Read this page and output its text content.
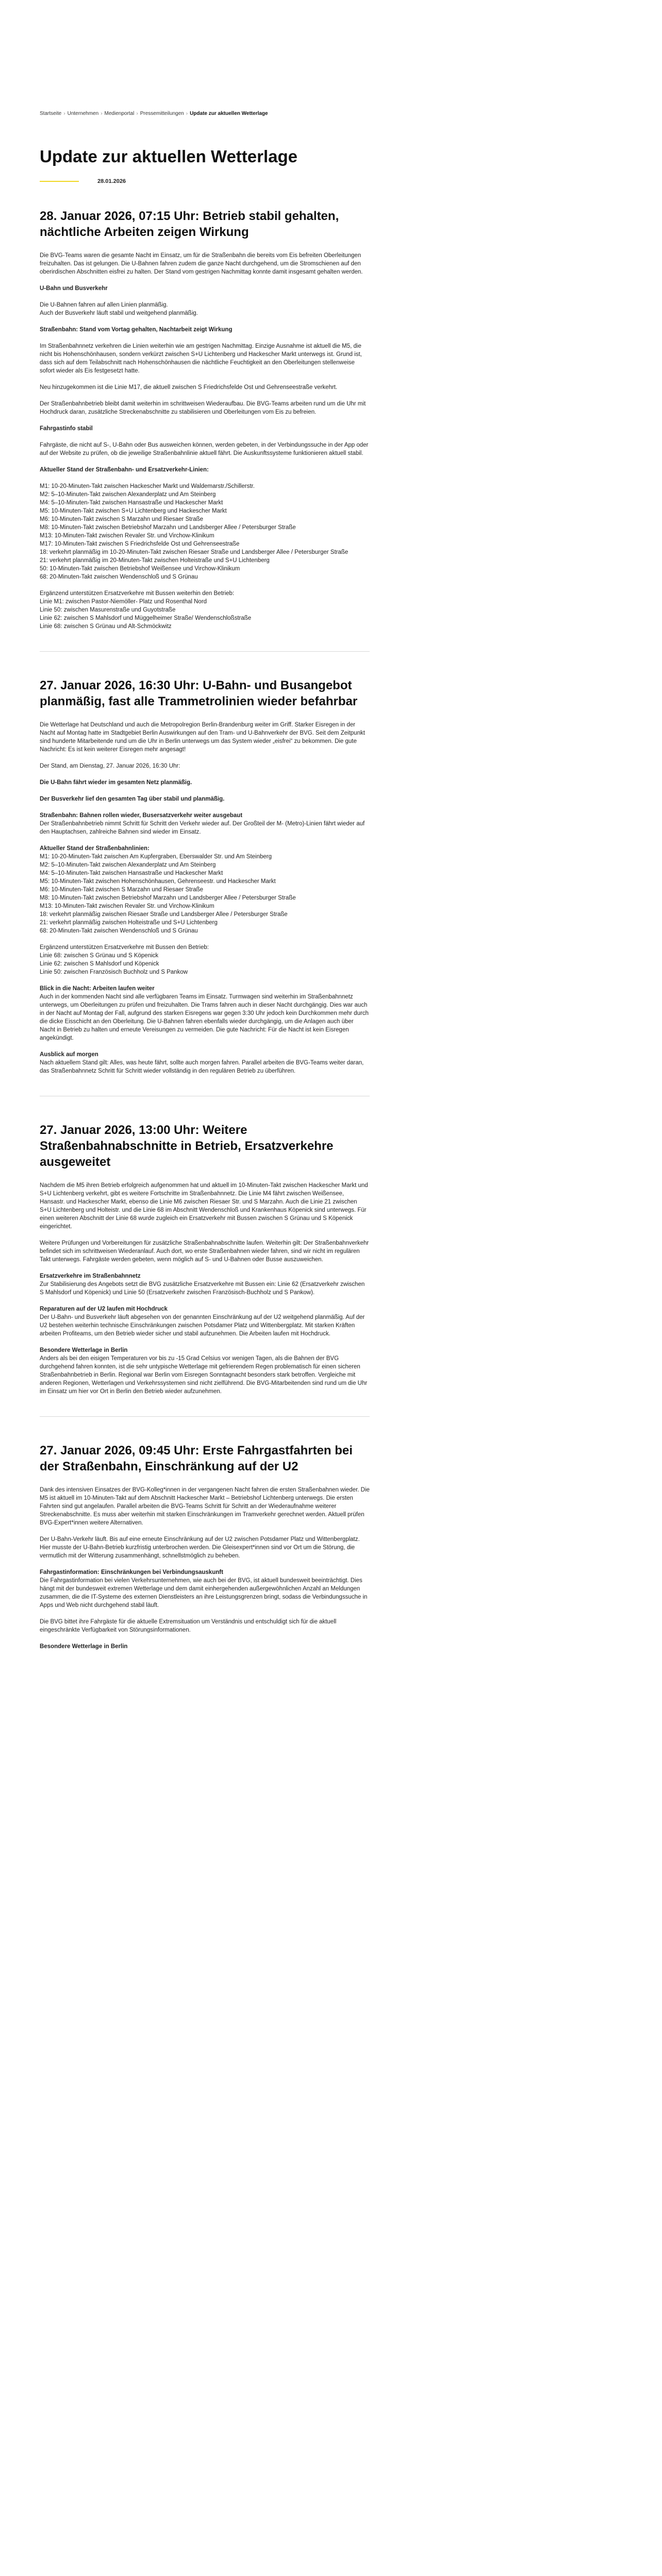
Startseite › Unternehmen › Medienportal › Pressemitteilungen › Update zur aktuellen Wetterlage
Update zur aktuellen Wetterlage
28.01.2026
28. Januar 2026, 07:15 Uhr: Betrieb stabil gehalten, nächtliche Arbeiten zeigen Wirkung

Die BVG-Teams waren die gesamte Nacht im Einsatz, um für die Straßenbahn die bereits vom Eis befreiten Oberleitungen freizuhalten. Das ist gelungen. Die U-Bahnen fahren zudem die ganze Nacht durchgehend, um die Stromschienen auf den oberirdischen Abschnitten eisfrei zu halten. Der Stand vom gestrigen Nachmittag konnte damit insgesamt gehalten werden.

U-Bahn und Busverkehr

Die U-Bahnen fahren auf allen Linien planmäßig.
Auch der Busverkehr läuft stabil und weitgehend planmäßig.

Straßenbahn: Stand vom Vortag gehalten, Nachtarbeit zeigt Wirkung

Im Straßenbahnnetz verkehren die Linien weiterhin wie am gestrigen Nachmittag. Einzige Ausnahme ist aktuell die M5, die nicht bis Hohenschönhausen, sondern verkürzt zwischen S+U Lichtenberg und Hackescher Markt unterwegs ist. Grund ist, dass sich auf dem Teilabschnitt nach Hohenschönhausen die nächtliche Feuchtigkeit an den Oberleitungen stellenweise sofort wieder als Eis festgesetzt hatte.

Neu hinzugekommen ist die Linie M17, die aktuell zwischen S Friedrichsfelde Ost und Gehrenseestraße verkehrt.

Der Straßenbahnbetrieb bleibt damit weiterhin im schrittweisen Wiederaufbau. Die BVG-Teams arbeiten rund um die Uhr mit Hochdruck daran, zusätzliche Streckenabschnitte zu stabilisieren und Oberleitungen vom Eis zu befreien.

Fahrgastinfo stabil

Fahrgäste, die nicht auf S-, U-Bahn oder Bus ausweichen können, werden gebeten, in der Verbindungssuche in der App oder auf der Website zu prüfen, ob die jeweilige Straßenbahnlinie aktuell fährt. Die Auskunftssysteme funktionieren aktuell stabil.

Aktueller Stand der Straßenbahn- und Ersatzverkehr-Linien:

M1: 10-20-Minuten-Takt zwischen Hackescher Markt und Waldemarstr./Schillerstr.
M2: 5–10-Minuten-Takt zwischen Alexanderplatz und Am Steinberg
M4: 5–10-Minuten-Takt zwischen Hansastraße und Hackescher Markt
M5: 10-Minuten-Takt zwischen S+U Lichtenberg und Hackescher Markt
M6: 10-Minuten-Takt zwischen S Marzahn und Riesaer Straße
M8: 10-Minuten-Takt zwischen Betriebshof Marzahn und Landsberger Allee / Petersburger Straße
M13: 10-Minuten-Takt zwischen Revaler Str. und Virchow-Klinikum
M17: 10-Minuten-Takt zwischen S Friedrichsfelde Ost und Gehrenseestraße
18: verkehrt planmäßig im 10-20-Minuten-Takt zwischen Riesaer Straße und Landsberger Allee / Petersburger Straße
21: verkehrt planmäßig im 20-Minuten-Takt zwischen Holteistraße und S+U Lichtenberg
50: 10-Minuten-Takt zwischen Betriebshof Weißensee und Virchow-Klinikum
68: 20-Minuten-Takt zwischen Wendenschloß und S Grünau

Ergänzend unterstützen Ersatzverkehre mit Bussen weiterhin den Betrieb:
Linie M1: zwischen Pastor-Niemöller- Platz und Rosenthal Nord
Linie 50: zwischen Masurenstraße und Guyotstraße
Linie 62: zwischen S Mahlsdorf und Müggelheimer Straße/ Wendenschloßstraße
Linie 68: zwischen S Grünau und Alt-Schmöckwitz

27. Januar 2026, 16:30 Uhr: U-Bahn- und Busangebot planmäßig, fast alle Trammetrolinien wieder befahrbar

Die Wetterlage hat Deutschland und auch die Metropolregion Berlin-Brandenburg weiter im Griff. Starker Eisregen in der Nacht auf Montag hatte im Stadtgebiet Berlin Auswirkungen auf den Tram- und U-Bahnverkehr der BVG. Seit dem Zeitpunkt sind hunderte Mitarbeitende rund um die Uhr in Berlin unterwegs um das System wieder „eisfrei“ zu bekommen. Die gute Nachricht: Es ist kein weiterer Eisregen mehr angesagt!

Der Stand, am Dienstag, 27. Januar 2026, 16:30 Uhr:

Die U-Bahn fährt wieder im gesamten Netz planmäßig.

Der Busverkehr lief den gesamten Tag über stabil und planmäßig.

Straßenbahn: Bahnen rollen wieder, Busersatzverkehr weiter ausgebaut
Der Straßenbahnbetrieb nimmt Schritt für Schritt den Verkehr wieder auf. Der Großteil der M- (Metro)-Linien fährt wieder auf den Hauptachsen, zahlreiche Bahnen sind wieder im Einsatz.

Aktueller Stand der Straßenbahnlinien:
M1: 10-20-Minuten-Takt zwischen Am Kupfergraben, Eberswalder Str. und Am Steinberg
M2: 5–10-Minuten-Takt zwischen Alexanderplatz und Am Steinberg
M4: 5–10-Minuten-Takt zwischen Hansastraße und Hackescher Markt
M5: 10-Minuten-Takt zwischen Hohenschönhausen, Gehrenseestr. und Hackescher Markt
M6: 10-Minuten-Takt zwischen S Marzahn und Riesaer Straße
M8: 10-Minuten-Takt zwischen Betriebshof Marzahn und Landsberger Allee / Petersburger Straße
M13: 10-Minuten-Takt zwischen Revaler Str. und Virchow-Klinikum
18: verkehrt planmäßig zwischen Riesaer Straße und Landsberger Allee / Petersburger Straße
21: verkehrt planmäßig zwischen Holteistraße und S+U Lichtenberg
68: 20-Minuten-Takt zwischen Wendenschloß und S Grünau

Ergänzend unterstützen Ersatzverkehre mit Bussen den Betrieb:
Linie 68: zwischen S Grünau und S Köpenick
Linie 62: zwischen S Mahlsdorf und Köpenick
Linie 50: zwischen Französisch Buchholz und S Pankow

Blick in die Nacht: Arbeiten laufen weiter
Auch in der kommenden Nacht sind alle verfügbaren Teams im Einsatz. Turmwagen sind weiterhin im Straßenbahnnetz unterwegs, um Oberleitungen zu prüfen und freizuhalten. Die Trams fahren auch in dieser Nacht durchgängig. Dies war auch in der Nacht auf Montag der Fall, aufgrund des starken Eisregens war gegen 3:30 Uhr jedoch kein Durchkommen mehr durch die dicke Eisschicht an den Oberleitung. Die U-Bahnen fahren ebenfalls wieder durchgängig, um die Anlagen auch über Nacht in Betrieb zu halten und erneute Vereisungen zu vermeiden. Die gute Nachricht: Für die Nacht ist kein Eisregen angekündigt.

Ausblick auf morgen
Nach aktuellem Stand gilt: Alles, was heute fährt, sollte auch morgen fahren. Parallel arbeiten die BVG-Teams weiter daran, das Straßenbahnnetz Schritt für Schritt wieder vollständig in den regulären Betrieb zu überführen.

27. Januar 2026, 13:00 Uhr: Weitere Straßenbahnabschnitte in Betrieb, Ersatzverkehre ausgeweitet

Nachdem die M5 ihren Betrieb erfolgreich aufgenommen hat und aktuell im 10-Minuten-Takt zwischen Hackescher Markt und S+U Lichtenberg verkehrt, gibt es weitere Fortschritte im Straßenbahnnetz. Die Linie M4 fährt zwischen Weißensee, Hansastr. und Hackescher Markt, ebenso die Linie M6 zwischen Riesaer Str. und S Marzahn. Auch die Linie 21 zwischen S+U Lichtenberg und Holteistr. und die Linie 68 im Abschnitt Wendenschloß und Krankenhaus Köpenick sind unterwegs. Für einen weiteren Abschnitt der Linie 68 wurde zugleich ein Ersatzverkehr mit Bussen zwischen S Grünau und S Köpenick eingerichtet.

Weitere Prüfungen und Vorbereitungen für zusätzliche Straßenbahnabschnitte laufen. Weiterhin gilt: Der Straßenbahnverkehr befindet sich im schrittweisen Wiederanlauf. Auch dort, wo erste Straßenbahnen wieder fahren, sind wir nicht im regulären Takt unterwegs. Fahrgäste werden gebeten, wenn möglich auf S- und U-Bahnen oder Busse auszuweichen.

Ersatzverkehre im Straßenbahnnetz
Zur Stabilisierung des Angebots setzt die BVG zusätzliche Ersatzverkehre mit Bussen ein: Linie 62 (Ersatzverkehr zwischen S Mahlsdorf und Köpenick) und Linie 50 (Ersatzverkehr zwischen Französisch-Buchholz und S Pankow).

Reparaturen auf der U2 laufen mit Hochdruck
Der U-Bahn- und Busverkehr läuft abgesehen von der genannten Einschränkung auf der U2 weitgehend planmäßig. Auf der U2 bestehen weiterhin technische Einschränkungen zwischen Potsdamer Platz und Wittenbergplatz. Mit starken Kräften arbeiten Profiteams, um den Betrieb wieder sicher und stabil aufzunehmen. Die Arbeiten laufen mit Hochdruck.

Besondere Wetterlage in Berlin
Anders als bei den eisigen Temperaturen vor bis zu -15 Grad Celsius vor wenigen Tagen, als die Bahnen der BVG durchgehend fahren konnten, ist die sehr untypische Wetterlage mit gefrierendem Regen problematisch für einen sicheren Straßenbahnbetrieb in Berlin. Regional war Berlin vom Eisregen Sonntagnacht besonders stark betroffen. Vergleiche mit anderen Regionen, Wetterlagen und Verkehrssystemen sind nicht zielführend. Die BVG-Mitarbeitenden sind rund um die Uhr im Einsatz um hier vor Ort in Berlin den Betrieb wieder aufzunehmen.

27. Januar 2026, 09:45 Uhr: Erste Fahrgastfahrten bei der Straßenbahn, Einschränkung auf der U2

Dank des intensiven Einsatzes der BVG-Kolleg*innen in der vergangenen Nacht fahren die ersten Straßenbahnen wieder. Die M5 ist aktuell im 10-Minuten-Takt auf dem Abschnitt Hackescher Markt – Betriebshof Lichtenberg unterwegs. Die ersten Fahrten sind gut angelaufen. Parallel arbeiten die BVG-Teams Schritt für Schritt an der Wiederaufnahme weiterer Streckenabschnitte. Es muss aber weiterhin mit starken Einschränkungen im Tramverkehr gerechnet werden. Aktuell prüfen BVG-Expert*innen weitere Alternativen.

Der U-Bahn-Verkehr läuft. Bis auf eine erneute Einschränkung auf der U2 zwischen Potsdamer Platz und Wittenbergplatz. Hier musste der U-Bahn-Betrieb kurzfristig unterbrochen werden. Die Gleisexpert*innen sind vor Ort um die Störung, die vermutlich mit der Witterung zusammenhängt, schnellstmöglich zu beheben.

Fahrgastinformation: Einschränkungen bei Verbindungsauskunft
Die Fahrgastinformation bei vielen Verkehrsunternehmen, wie auch bei der BVG, ist aktuell bundesweit beeinträchtigt. Dies hängt mit der bundesweit extremen Wetterlage und dem damit einhergehenden außergewöhnlichen Anzahl an Meldungen zusammen, die die IT-Systeme des externen Dienstleisters an ihre Leistungsgrenzen bringt, sodass die Verbindungssuche in Apps und Web nicht durchgehend stabil läuft.

Die BVG bittet ihre Fahrgäste für die aktuelle Extremsituation um Verständnis und entschuldigt sich für die aktuell eingeschränkte Verfügbarkeit von Störungsinformationen.

Besondere Wetterlage in Berlin
